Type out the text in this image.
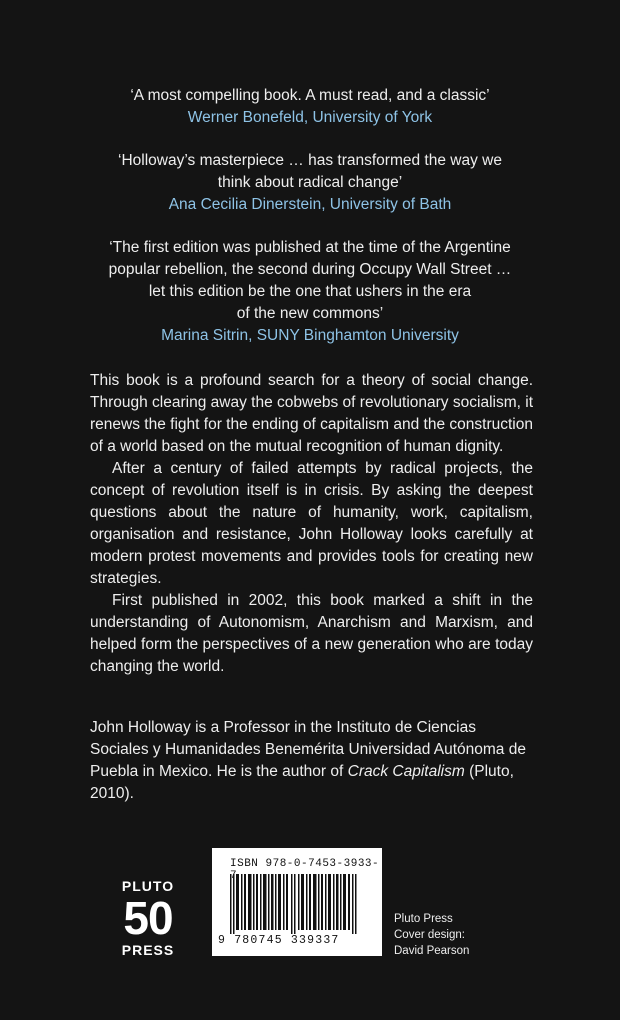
‘A most compelling book. A must read, and a classic’
Werner Bonefeld, University of York
‘Holloway’s masterpiece … has transformed the way we
think about radical change’
Ana Cecilia Dinerstein, University of Bath
‘The first edition was published at the time of the Argentine
popular rebellion, the second during Occupy Wall Street …
let this edition be the one that ushers in the era
of the new commons’
Marina Sitrin, SUNY Binghamton University

This book is a profound search for a theory of social change. Through clearing away the cobwebs of revolutionary socialism, it renews the fight for the ending of capitalism and the construction of a world based on the mutual recognition of human dignity.

After a century of failed attempts by radical projects, the concept of revolution itself is in crisis. By asking the deepest questions about the nature of humanity, work, capitalism, organisation and resistance, John Holloway looks carefully at modern protest movements and provides tools for creating new strategies.

First published in 2002, this book marked a shift in the understanding of Autonomism, Anarchism and Marxism, and helped form the perspectives of a new generation who are today changing the world.

John Holloway is a Professor in the Instituto de Ciencias Sociales y Humanidades Benemérita Universidad Autónoma de Puebla in Mexico. He is the author of Crack Capitalism (Pluto, 2010).
PLUTO
50
PRESS
ISBN 978-0-7453-3933-
9 780745 339337
Pluto Press
Cover design:
David Pearson
